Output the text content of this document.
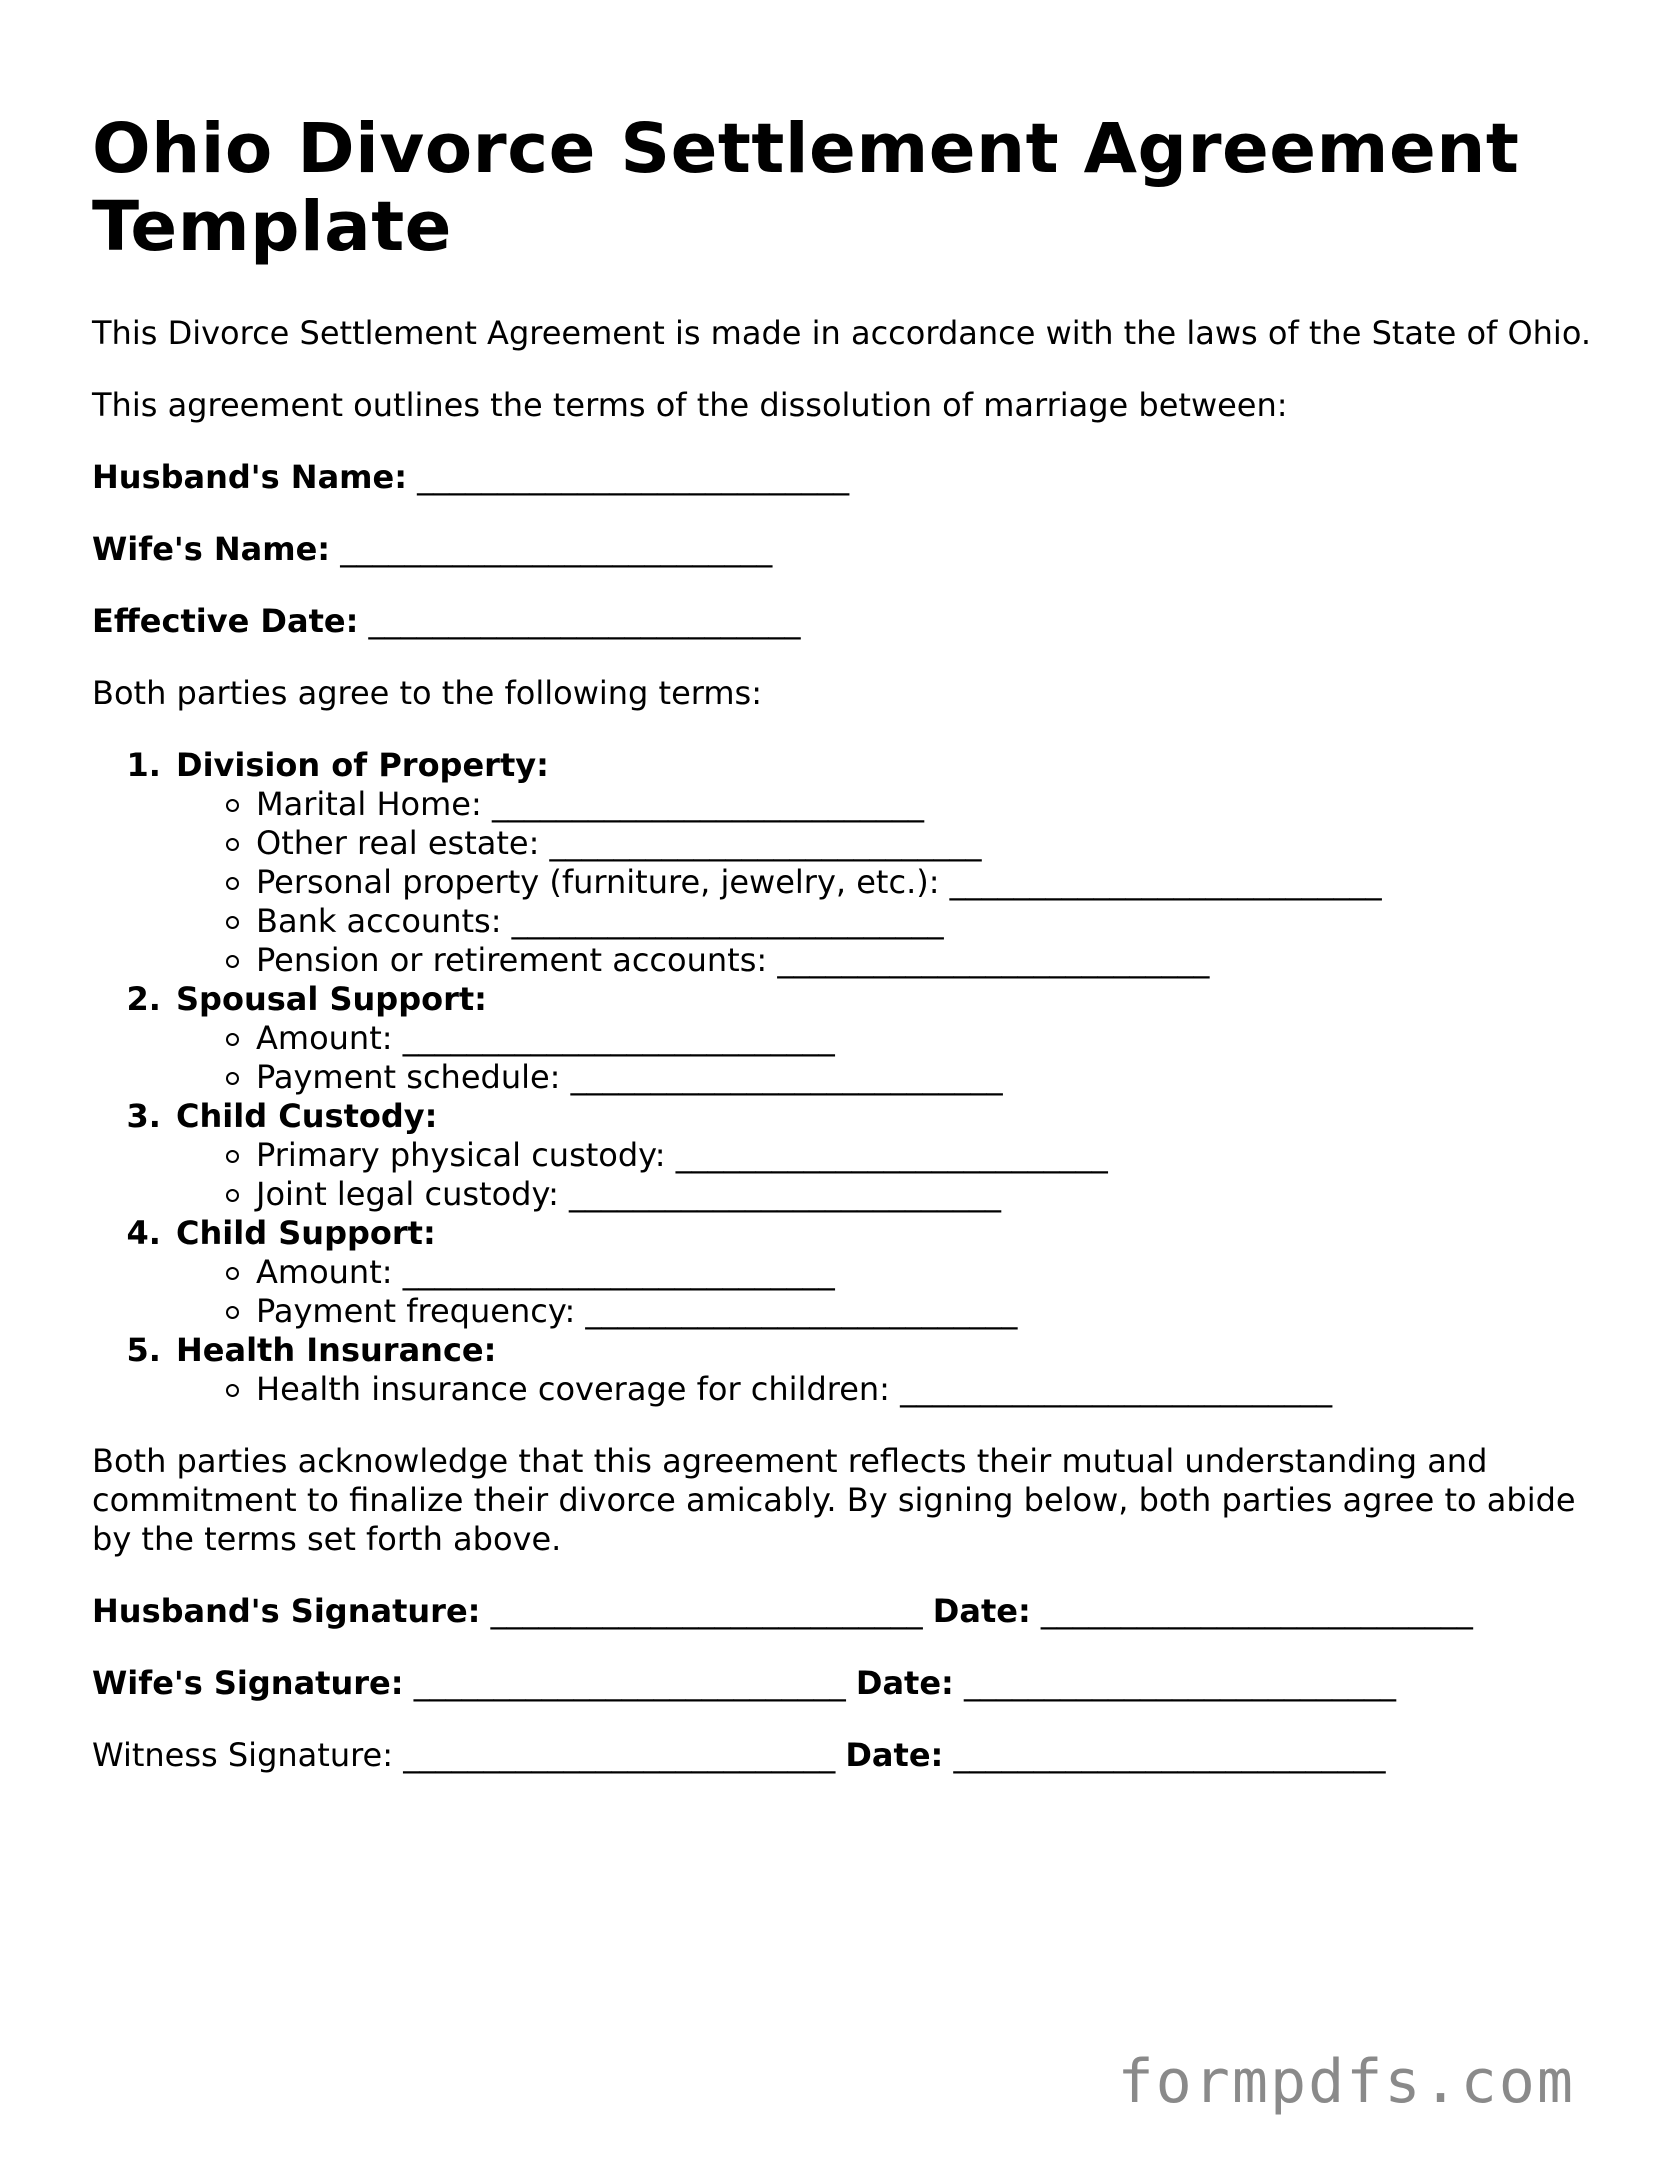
Ohio Divorce Settlement Agreement Template

This Divorce Settlement Agreement is made in accordance with the laws of the State of Ohio.

This agreement outlines the terms of the dissolution of marriage between:

Husband's Name: ___________________________
Wife's Name: ___________________________
Effective Date: ___________________________

Both parties agree to the following terms:

1. Division of Property:
Marital Home: ___________________________
Other real estate: ___________________________
Personal property (furniture, jewelry, etc.): ___________________________
Bank accounts: ___________________________
Pension or retirement accounts: ___________________________
2. Spousal Support:
Amount: ___________________________
Payment schedule: ___________________________
3. Child Custody:
Primary physical custody: ___________________________
Joint legal custody: ___________________________
4. Child Support:
Amount: ___________________________
Payment frequency: ___________________________
5. Health Insurance:
Health insurance coverage for children: ___________________________

Both parties acknowledge that this agreement reflects their mutual understanding and commitment to finalize their divorce amicably. By signing below, both parties agree to abide by the terms set forth above.

Husband's Signature: ___________________________ Date: ___________________________
Wife's Signature: ___________________________ Date: ___________________________
Witness Signature: ___________________________ Date: ___________________________
formpdfs.com
